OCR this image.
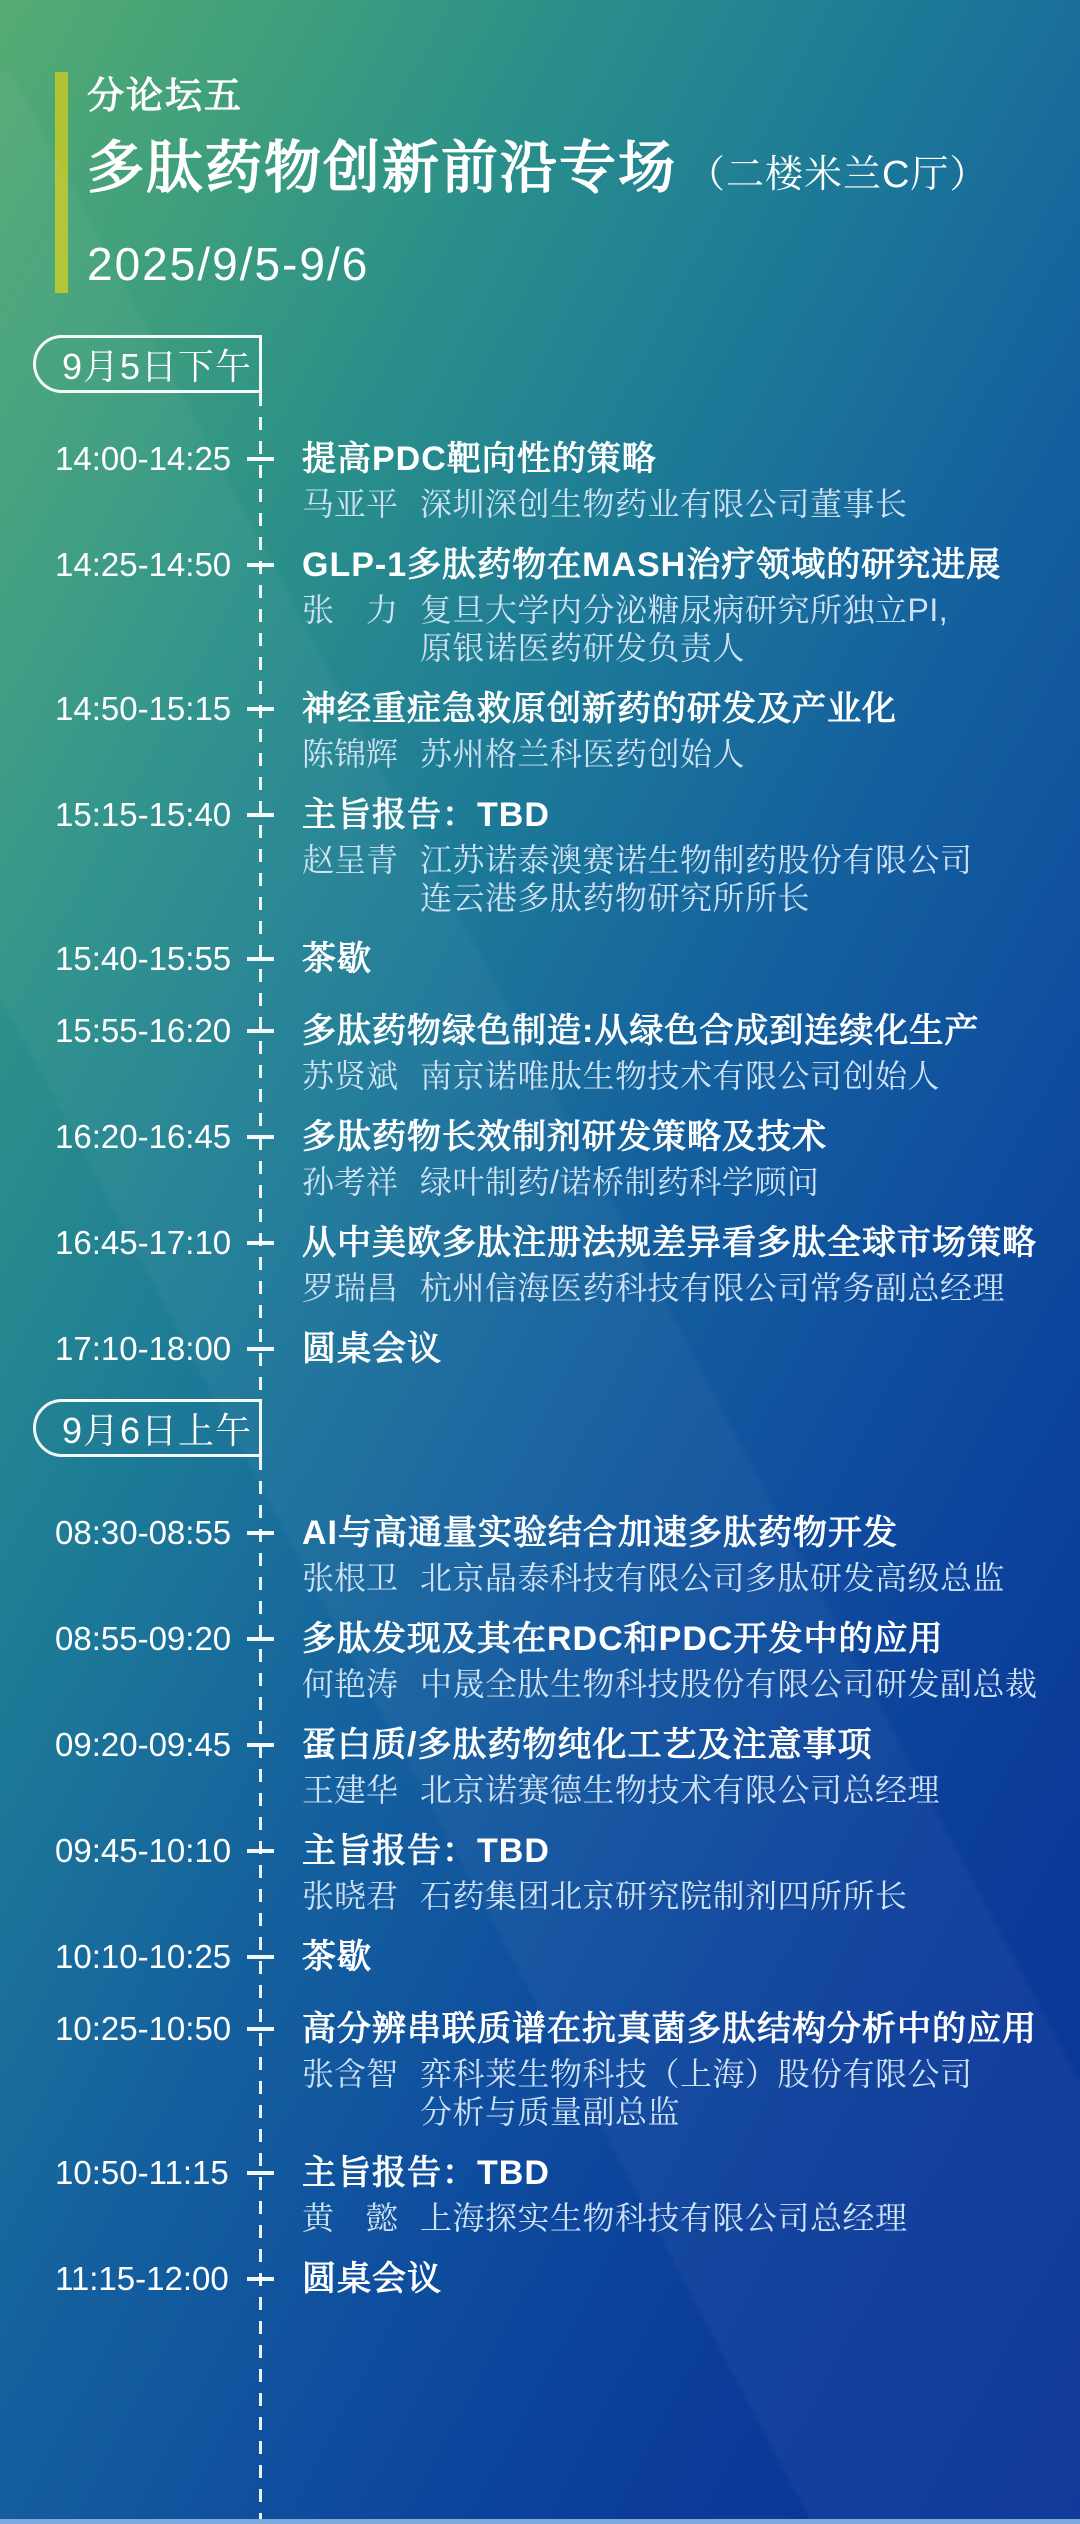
分论坛五
多肽药物创新前沿专场 （二楼米兰C厅）
2025/9/5-9/6
9月5日下午
14:00-14:25	提高PDC靶向性的策略
马亚平 深圳深创生物药业有限公司董事长
14:25-14:50	GLP-1多肽药物在MASH治疗领域的研究进展
张　力 复旦大学内分泌糖尿病研究所独立PI,
原银诺医药研发负责人
14:50-15:15	神经重症急救原创新药的研发及产业化
陈锦辉 苏州格兰科医药创始人
15:15-15:40	主旨报告：TBD
赵呈青 江苏诺泰澳赛诺生物制药股份有限公司
连云港多肽药物研究所所长
15:40-15:55	茶歇
15:55-16:20	多肽药物绿色制造:从绿色合成到连续化生产
苏贤斌 南京诺唯肽生物技术有限公司创始人
16:20-16:45	多肽药物长效制剂研发策略及技术
孙考祥 绿叶制药/诺桥制药科学顾问
16:45-17:10	从中美欧多肽注册法规差异看多肽全球市场策略
罗瑞昌 杭州信海医药科技有限公司常务副总经理
17:10-18:00	圆桌会议
9月6日上午
08:30-08:55	AI与高通量实验结合加速多肽药物开发
张根卫 北京晶泰科技有限公司多肽研发高级总监
08:55-09:20	多肽发现及其在RDC和PDC开发中的应用
何艳涛 中晟全肽生物科技股份有限公司研发副总裁
09:20-09:45	蛋白质/多肽药物纯化工艺及注意事项
王建华 北京诺赛德生物技术有限公司总经理
09:45-10:10	主旨报告：TBD
张晓君 石药集团北京研究院制剂四所所长
10:10-10:25	茶歇
10:25-10:50	高分辨串联质谱在抗真菌多肽结构分析中的应用
张含智 弈科莱生物科技（上海）股份有限公司
分析与质量副总监
10:50-11:15	主旨报告：TBD
黄　懿 上海探实生物科技有限公司总经理
11:15-12:00	圆桌会议
